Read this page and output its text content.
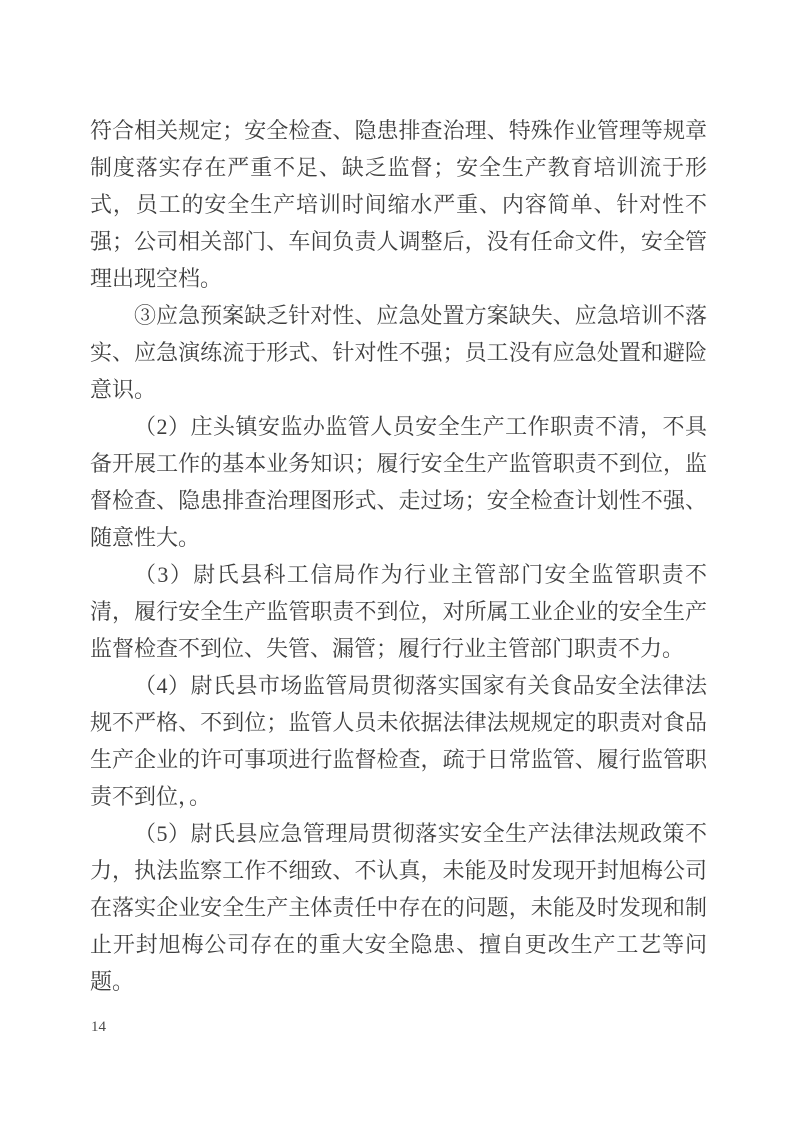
符合相关规定；安全检查、隐患排查治理、特殊作业管理等规章制度落实存在严重不足、缺乏监督；安全生产教育培训流于形式，员工的安全生产培训时间缩水严重、内容简单、针对性不强；公司相关部门、车间负责人调整后，没有任命文件，安全管理出现空档。

③应急预案缺乏针对性、应急处置方案缺失、应急培训不落实、应急演练流于形式、针对性不强；员工没有应急处置和避险意识。

（2）庄头镇安监办监管人员安全生产工作职责不清，不具备开展工作的基本业务知识；履行安全生产监管职责不到位，监督检查、隐患排查治理图形式、走过场；安全检查计划性不强、随意性大。

（3）尉氏县科工信局作为行业主管部门安全监管职责不清，履行安全生产监管职责不到位，对所属工业企业的安全生产监督检查不到位、失管、漏管；履行行业主管部门职责不力。

（4）尉氏县市场监管局贯彻落实国家有关食品安全法律法规不严格、不到位；监管人员未依据法律法规规定的职责对食品生产企业的许可事项进行监督检查，疏于日常监管、履行监管职责不到位，。

（5）尉氏县应急管理局贯彻落实安全生产法律法规政策不力，执法监察工作不细致、不认真，未能及时发现开封旭梅公司在落实企业安全生产主体责任中存在的问题，未能及时发现和制止开封旭梅公司存在的重大安全隐患、擅自更改生产工艺等问题。

14
